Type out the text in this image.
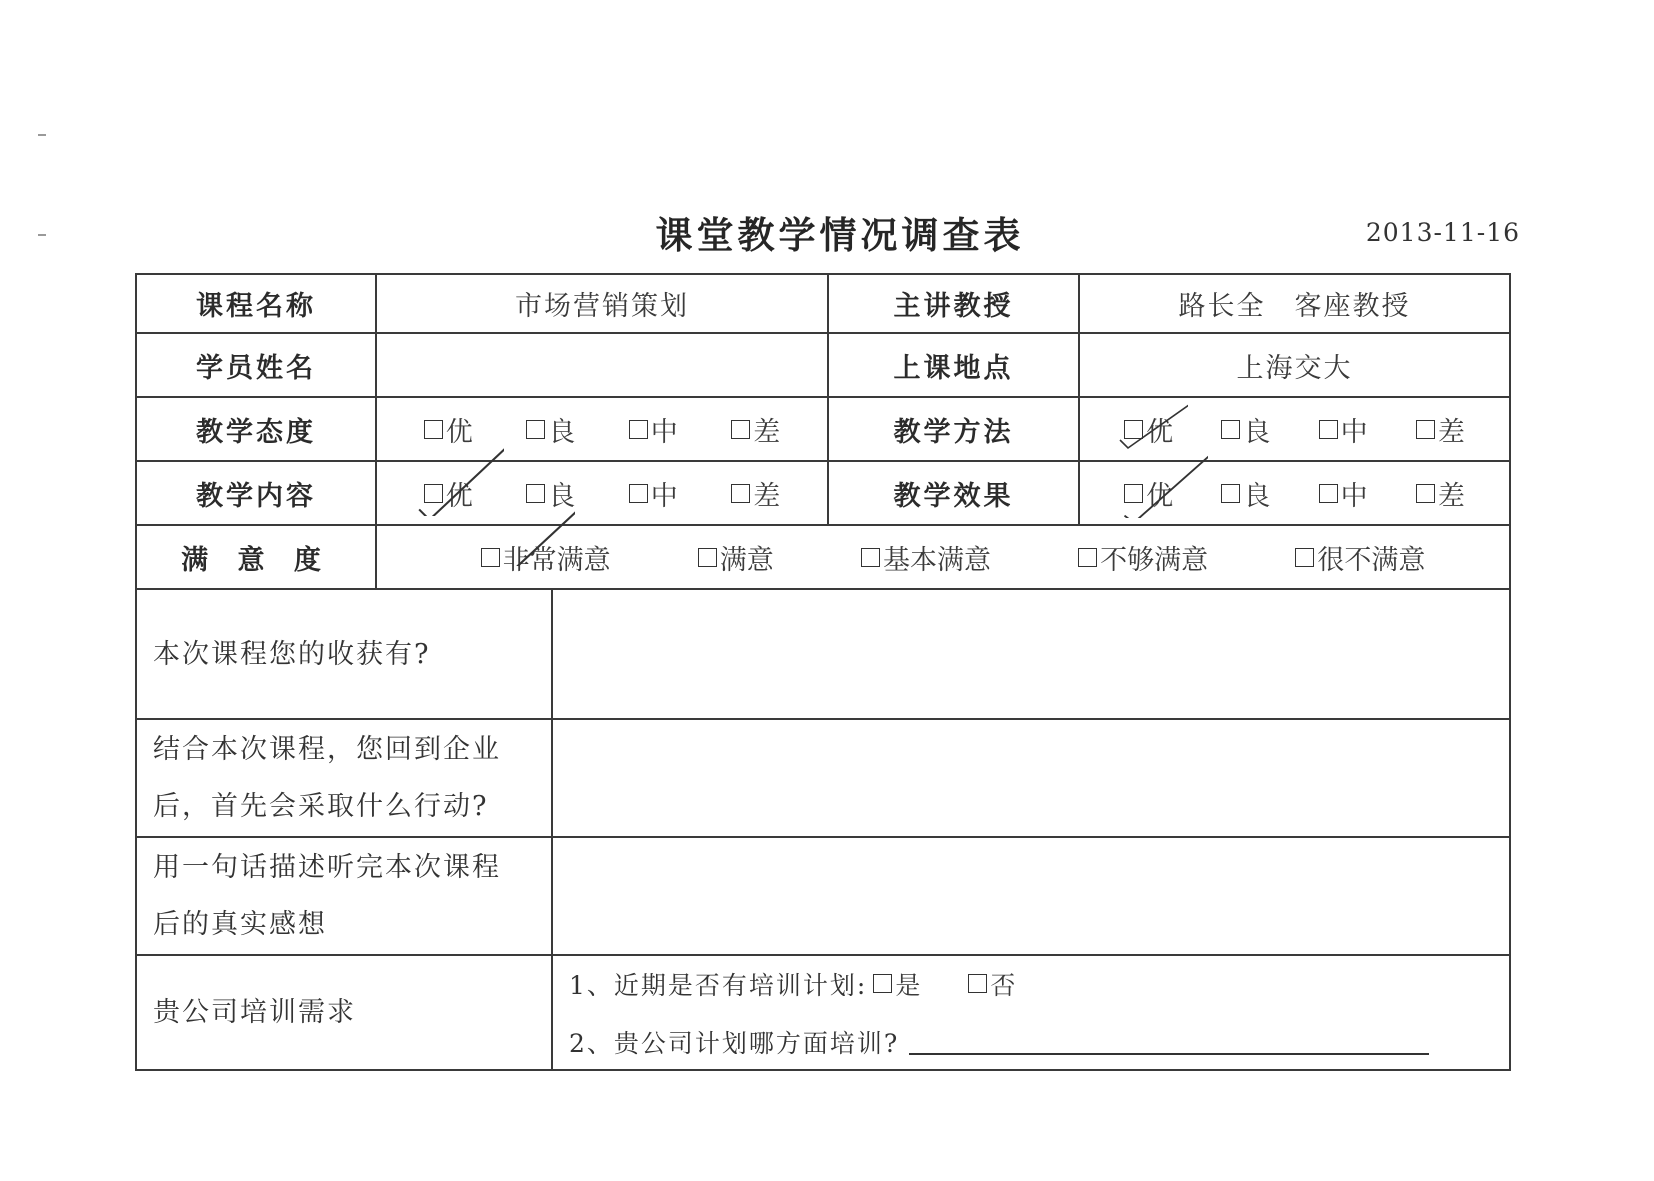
课堂教学情况调查表	2013-11-16
课程名称	市场营销策划		主讲教授	路长全　客座教授
学员姓名			上课地点	上海交大
教学态度	优 良 中 差		教学方法	优 良 中 差

教学内容	优 良 中 差		教学效果	优 良 中 差

满 意 度	非常满意 满意 基本满意 不够满意 很不满意			

本次课程您的收获有?				

结合本次课程，您回到企业
后，首先会采取什么行动?				

用一句话描述听完本次课程
后的真实感想				

贵公司培训需求		1、近期是否有培训计划: 是 否
2、贵公司计划哪方面培训?		
